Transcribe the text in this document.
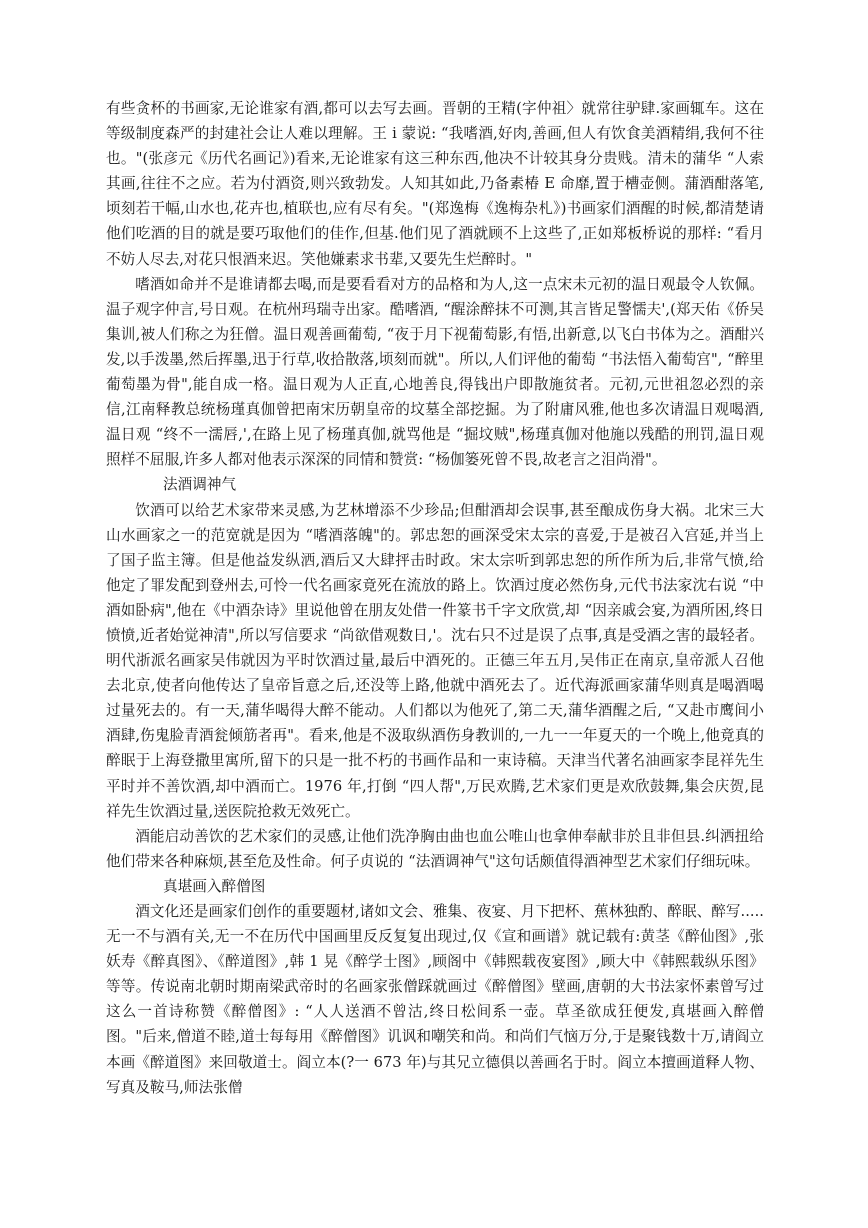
有些贪杯的书画家,无论谁家有酒,都可以去写去画。晋朝的王精(字仲祖〉就常往驴肆.家画辄车。这在等级制度森严的封建社会让人难以理解。王 i 蒙说: “我嗜酒,好肉,善画,但人有饮食美酒精绢,我何不往也。"(张彦元《历代名画记》)看来,无论谁家有这三种东西,他决不计较其身分贵贱。清未的蒲华 “人索其画,往往不之应。若为付酒资,则兴致勃发。人知其如此,乃备素椿 E 命靡,置于槽壶侧。蒲酒酣落笔,顷刻若干幅,山水也,花卉也,植联也,应有尽有矣。"(郑逸梅《逸梅杂札》)书画家们酒醒的时候,都清楚请他们吃酒的目的就是要巧取他们的佳作,但基.他们见了酒就顾不上这些了,正如郑板桥说的那样: “看月不妨人尽去,对花只恨酒来迟。笑他嫌素求书辈,又要先生烂醉时。"

嗜酒如命并不是谁请都去喝,而是要看看对方的品格和为人,这一点宋未元初的温日观最令人钦佩。温子观字仲言,号日观。在杭州玛瑞寺出家。酷嗜酒, “醒涂醉抹不可测,其言皆足警懦夫',(郑天佑《侨吴集训,被人们称之为狂僧。温日观善画葡萄, “夜于月下视葡萄影,有悟,出新意,以飞白书体为之。酒酣兴发,以手泼墨,然后挥墨,迅于行草,收拾散落,顷刻而就"。所以,人们评他的葡萄 “书法悟入葡萄宫", “醉里葡萄墨为骨",能自成一格。温日观为人正直,心地善良,得钱出户即散施贫者。元初,元世祖忽必烈的亲信,江南释教总统杨瑾真伽曾把南宋历朝皇帝的坟墓全部挖掘。为了附庸风雅,他也多次请温日观喝酒,温日观 “终不一濡唇,',在路上见了杨瑾真伽,就骂他是 “掘坟贼",杨瑾真伽对他施以残酷的刑罚,温日观照样不屈服,许多人都对他表示深深的同情和赞赏: “杨伽篓死曾不畏,故老言之泪尚滑"。

法酒调神气

饮酒可以给艺术家带来灵感,为艺林增添不少珍品;但酣酒却会误事,甚至酿成伤身大祸。北宋三大山水画家之一的范宽就是因为 “嗜酒落魄"的。郭忠恕的画深受宋太宗的喜爱,于是被召入宫延,并当上了国子监主簿。但是他益发纵洒,酒后又大肆抨击时政。宋太宗听到郭忠恕的所作所为后,非常气愤,给他定了罪发配到登州去,可怜一代名画家竟死在流放的路上。饮酒过度必然伤身,元代书法家沈右说 “中酒如卧病",他在《中酒杂诗》里说他曾在朋友处借一件篆书千字文欣赏,却 “因亲戚会宴,为酒所困,终日愤愤,近者始觉神清",所以写信要求 “尚欲借观数日,'。沈右只不过是误了点事,真是受酒之害的最轻者。明代浙派名画家吴伟就因为平时饮酒过量,最后中酒死的。正德三年五月,吴伟正在南京,皇帝派人召他去北京,使者向他传达了皇帝旨意之后,还没等上路,他就中酒死去了。近代海派画家蒲华则真是喝酒喝过量死去的。有一天,蒲华喝得大醉不能动。人们都以为他死了,第二天,蒲华酒醒之后, “又赴市鹰间小酒肆,伤鬼脸青酒瓮倾筋者再"。看来,他是不汲取纵酒伤身教训的,一九一一年夏天的一个晚上,他竟真的醉眠于上海登撒里寓所,留下的只是一批不朽的书画作品和一束诗稿。天津当代著名油画家李昆祥先生平时并不善饮酒,却中酒而亡。1976 年,打倒 “四人帮",万民欢腾,艺术家们更是欢欣鼓舞,集会庆贺,昆祥先生饮酒过量,送医院抢救无效死亡。

酒能启动善饮的艺术家们的灵感,让他们洗净胸由曲也血公唯山也拿伸奉献非於且非但县.纠洒扭给他们带来各种麻烦,甚至危及性命。何子贞说的 “法酒调神气"这句话颇值得酒神型艺术家们仔细玩味。

真堪画入醉僧图

酒文化还是画家们创作的重要题材,诸如文会、雅集、夜宴、月下把杯、蕉林独酌、醉眠、醉写.....无一不与酒有关,无一不在历代中国画里反反复复出现过,仅《宣和画谱》就记载有:黄茎《醉仙图》,张妖寿《醉真图》、《醉道图》,韩 1 晃《醉学士图》,顾阁中《韩熙载夜宴图》,顾大中《韩熙载纵乐图》等等。传说南北朝时期南梁武帝时的名画家张僧踩就画过《醉僧图》壁画,唐朝的大书法家怀素曾写过这么一首诗称赞《醉僧图》: “人人送酒不曾沽,终日松间系一壶。草圣欲成狂便发,真堪画入醉僧图。"后来,僧道不睦,道士每每用《醉僧图》讥讽和嘲笑和尚。和尚们气恼万分,于是聚钱数十万,请阎立本画《醉道图》来回敬道士。阎立本(?一 673 年)与其兄立德俱以善画名于时。阎立本擅画道释人物、写真及鞍马,师法张僧
